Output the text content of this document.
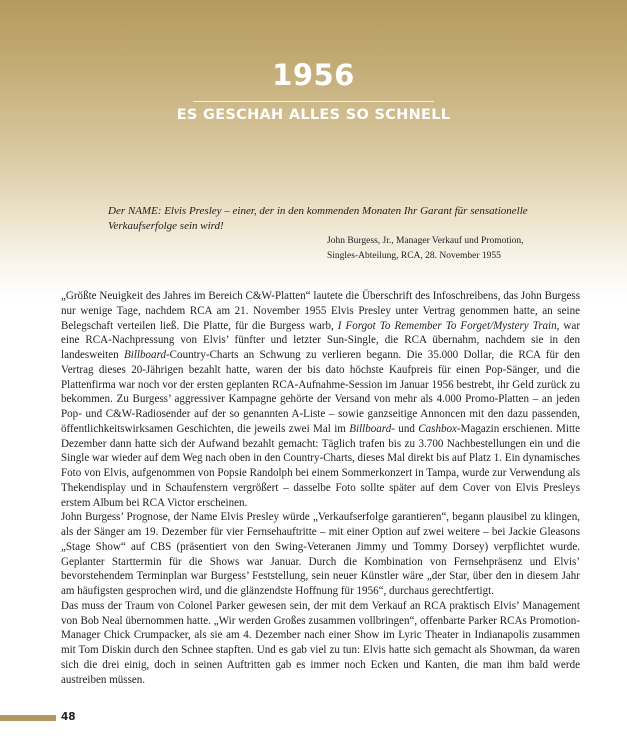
1956
ES GESCHAH ALLES SO SCHNELL
Der NAME: Elvis Presley – einer, der in den kommenden Monaten Ihr Garant für sensationelle Verkaufserfolge sein wird!
John Burgess, Jr., Manager Verkauf und Promotion,
Singles-Abteilung, RCA, 28. November 1955

„Größte Neuigkeit des Jahres im Bereich C&W-Platten“ lautete die Überschrift des Infoschreibens, das John Burgess nur wenige Tage, nachdem RCA am 21. November 1955 Elvis Presley unter Vertrag genommen hatte, an seine Belegschaft verteilen ließ. Die Platte, für die Burgess warb, I Forgot To Remember To Forget/Mystery Train, war eine RCA-Nachpressung von Elvis’ fünfter und letzter Sun-Single, die RCA übernahm, nachdem sie in den landesweiten Billboard-Country-Charts an Schwung zu verlieren begann. Die 35.000 Dollar, die RCA für den Vertrag dieses 20-Jährigen bezahlt hatte, waren der bis dato höchste Kaufpreis für einen Pop-Sänger, und die Plattenfirma war noch vor der ersten geplanten RCA-Aufnahme-Session im Januar 1956 bestrebt, ihr Geld zurück zu bekommen. Zu Burgess’ aggressiver Kampagne gehörte der Versand von mehr als 4.000 Promo-Platten – an jeden Pop- und C&W-Radiosender auf der so genannten A-Liste – sowie ganzseitige Annoncen mit den dazu passenden, öffentlichkeitswirksamen Geschichten, die jeweils zwei Mal im Billboard- und Cashbox-Magazin erschienen. Mitte Dezember dann hatte sich der Aufwand bezahlt gemacht: Täglich trafen bis zu 3.700 Nachbestellungen ein und die Single war wieder auf dem Weg nach oben in den Country-Charts, dieses Mal direkt bis auf Platz 1. Ein dynamisches Foto von Elvis, aufgenommen von Popsie Randolph bei einem Sommerkonzert in Tampa, wurde zur Verwendung als Thekendisplay und in Schaufenstern vergrößert – dasselbe Foto sollte später auf dem Cover von Elvis Presleys erstem Album bei RCA Victor erscheinen.

John Burgess’ Prognose, der Name Elvis Presley würde „Verkaufserfolge garantieren“, begann plausibel zu klingen, als der Sänger am 19. Dezember für vier Fernsehauftritte – mit einer Option auf zwei weitere – bei Jackie Gleasons „Stage Show“ auf CBS (präsentiert von den Swing-Veteranen Jimmy und Tommy Dorsey) verpflichtet wurde. Geplanter Starttermin für die Shows war Januar. Durch die Kombination von Fernsehpräsenz und Elvis’ bevorstehendem Terminplan war Burgess’ Feststellung, sein neuer Künstler wäre „der Star, über den in diesem Jahr am häufigsten gesprochen wird, und die glänzendste Hoffnung für 1956“, durchaus gerechtfertigt.

Das muss der Traum von Colonel Parker gewesen sein, der mit dem Verkauf an RCA praktisch Elvis’ Management von Bob Neal übernommen hatte. „Wir werden Großes zusammen vollbringen“, offenbarte Parker RCAs Promotion-Manager Chick Crumpacker, als sie am 4. Dezember nach einer Show im Lyric Theater in Indianapolis zusammen mit Tom Diskin durch den Schnee stapften. Und es gab viel zu tun: Elvis hatte sich gemacht als Showman, da waren sich die drei einig, doch in seinen Auftritten gab es immer noch Ecken und Kanten, die man ihm bald werde austreiben müssen.

48
